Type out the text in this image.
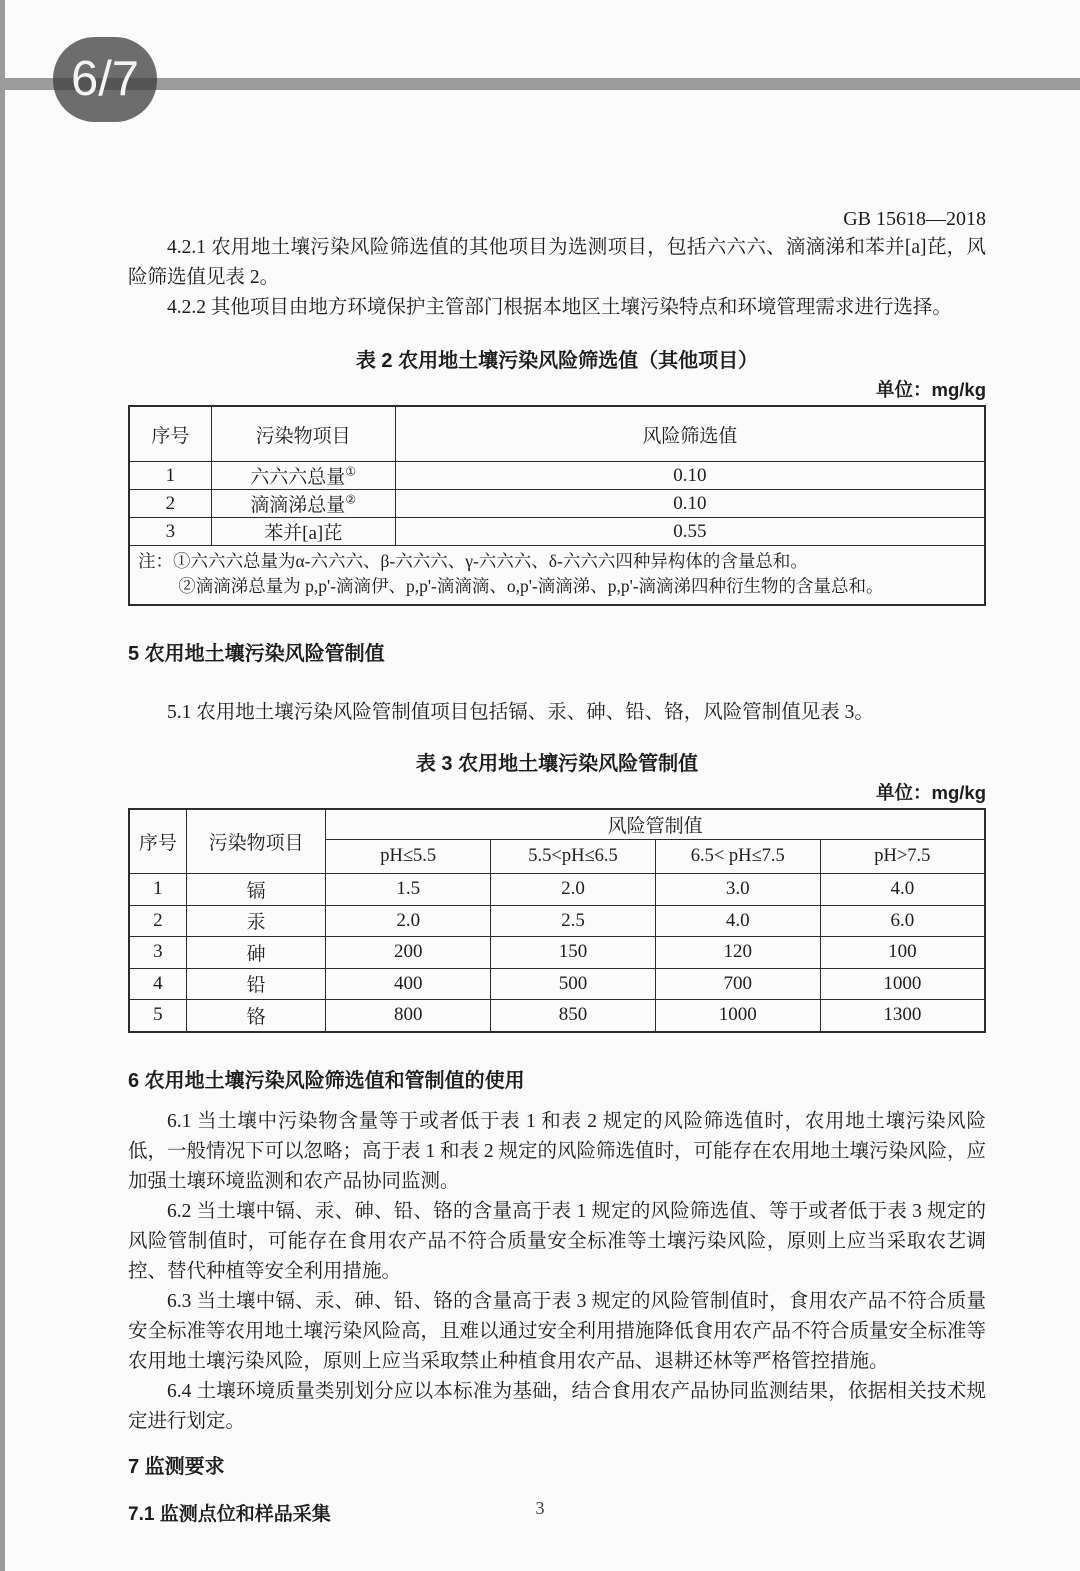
6/7

GB 15618—2018

4.2.1 农用地土壤污染风险筛选值的其他项目为选测项目，包括六六六、滴滴涕和苯并[a]芘，风险筛选值见表 2。

4.2.2 其他项目由地方环境保护主管部门根据本地区土壤污染特点和环境管理需求进行选择。

表 2 农用地土壤污染风险筛选值（其他项目）

单位：mg/kg

序号	污染物项目	风险筛选值
1	六六六总量①	0.10
2	滴滴涕总量②	0.10
3	苯并[a]芘	0.55

注：①六六六总量为α-六六六、β-六六六、γ-六六六、δ-六六六四种异构体的含量总和。
②滴滴涕总量为 p,p'-滴滴伊、p,p'-滴滴滴、o,p'-滴滴涕、p,p'-滴滴涕四种衍生物的含量总和。		

5 农用地土壤污染风险管制值

5.1 农用地土壤污染风险管制值项目包括镉、汞、砷、铅、铬，风险管制值见表 3。

表 3 农用地土壤污染风险管制值

单位：mg/kg

序号	污染物项目	风险管制值			
		pH≤5.5	5.5<pH≤6.5	6.5< pH≤7.5	pH>7.5
1	镉	1.5	2.0	3.0	4.0
2	汞	2.0	2.5	4.0	6.0
3	砷	200	150	120	100
4	铅	400	500	700	1000
5	铬	800	850	1000	1300

6 农用地土壤污染风险筛选值和管制值的使用

6.1 当土壤中污染物含量等于或者低于表 1 和表 2 规定的风险筛选值时，农用地土壤污染风险低，一般情况下可以忽略；高于表 1 和表 2 规定的风险筛选值时，可能存在农用地土壤污染风险，应加强土壤环境监测和农产品协同监测。

6.2 当土壤中镉、汞、砷、铅、铬的含量高于表 1 规定的风险筛选值、等于或者低于表 3 规定的风险管制值时，可能存在食用农产品不符合质量安全标准等土壤污染风险，原则上应当采取农艺调控、替代种植等安全利用措施。

6.3 当土壤中镉、汞、砷、铅、铬的含量高于表 3 规定的风险管制值时，食用农产品不符合质量安全标准等农用地土壤污染风险高，且难以通过安全利用措施降低食用农产品不符合质量安全标准等农用地土壤污染风险，原则上应当采取禁止种植食用农产品、退耕还林等严格管控措施。

6.4 土壤环境质量类别划分应以本标准为基础，结合食用农产品协同监测结果，依据相关技术规定进行划定。

7 监测要求

7.1 监测点位和样品采集	3
